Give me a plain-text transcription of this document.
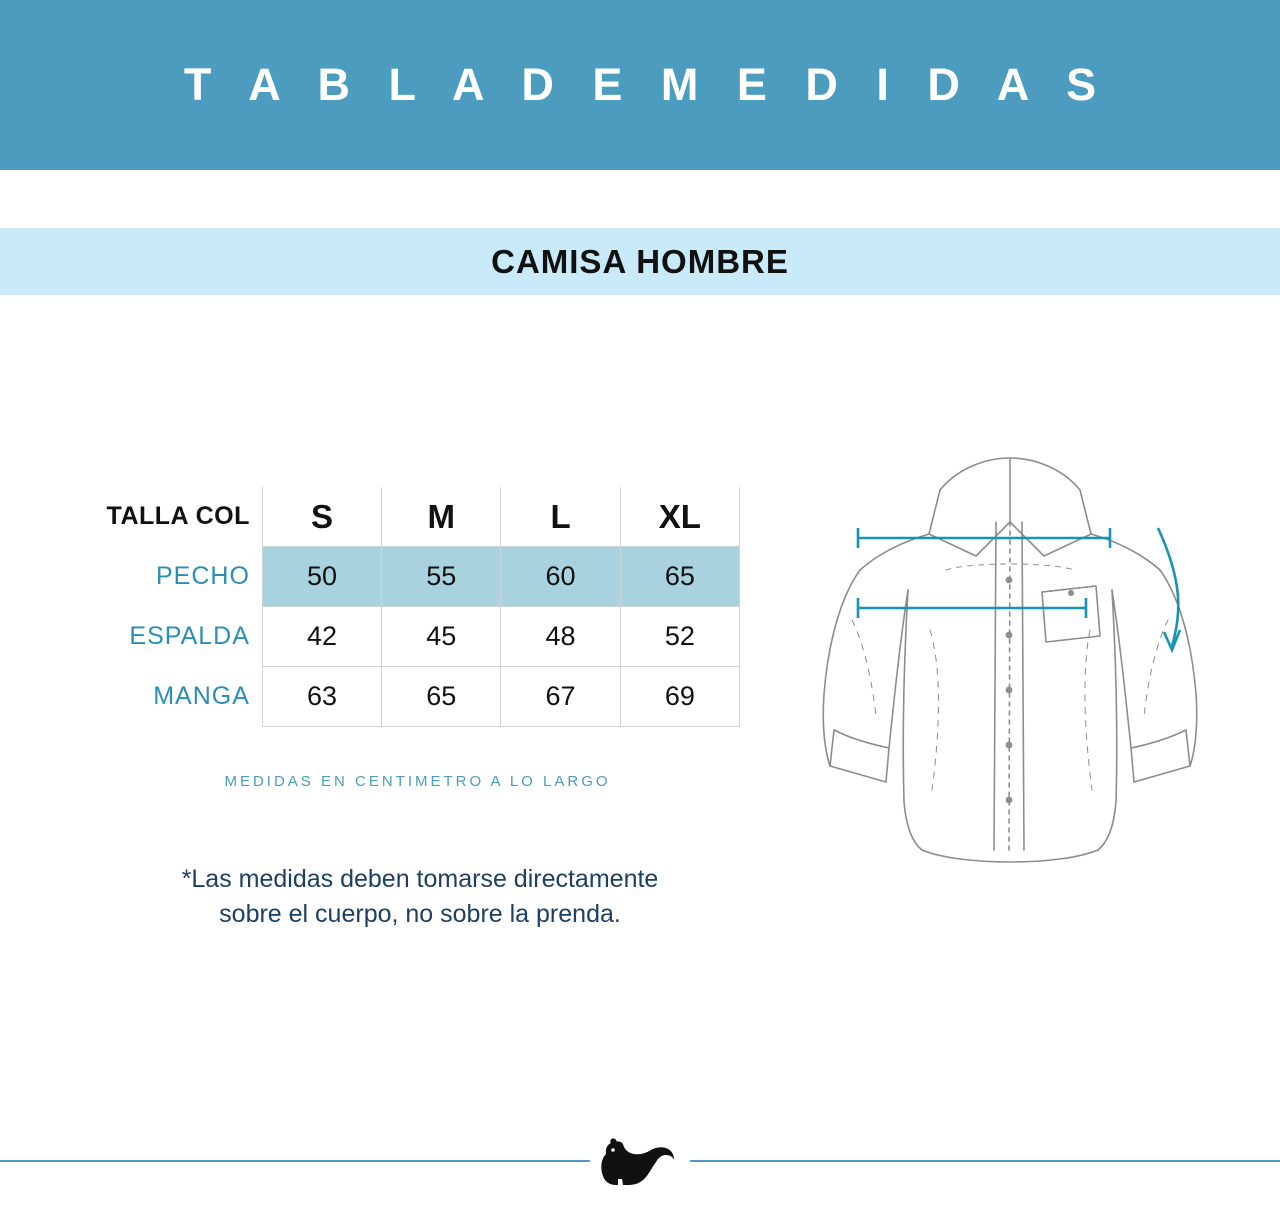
T A B L A D E M E D I D A S
CAMISA HOMBRE
TALLA COL	S	M	L	XL
PECHO	50	55	60	65
ESPALDA	42	45	48	52
MANGA	63	65	67	69
MEDIDAS EN CENTIMETRO A LO LARGO
*Las medidas deben tomarse directamente
sobre el cuerpo, no sobre la prenda.
